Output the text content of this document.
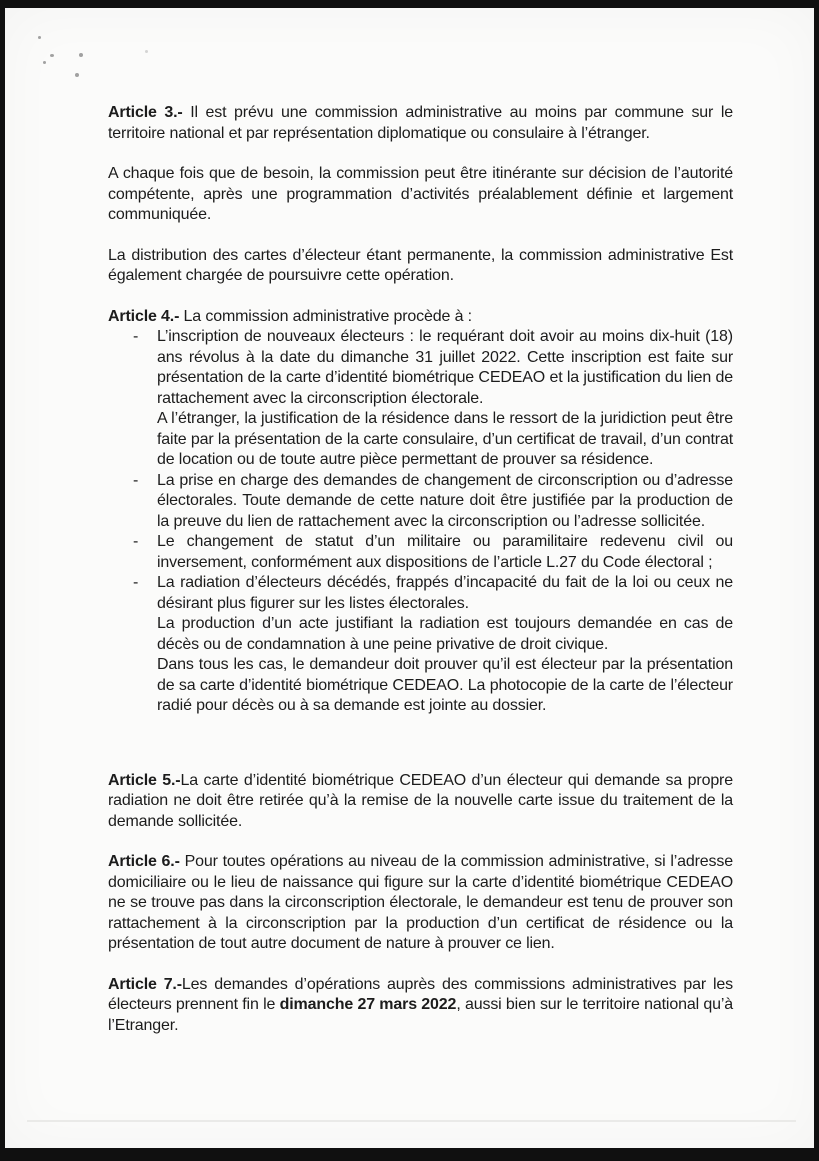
Article 3.- Il est prévu une commission administrative au moins par commune sur le territoire national et par représentation diplomatique ou consulaire à l’étranger.

A chaque fois que de besoin, la commission peut être itinérante sur décision de l’autorité compétente, après une programmation d’activités préalablement définie et largement communiquée.

La distribution des cartes d’électeur étant permanente, la commission administrative Est également chargée de poursuivre cette opération.

Article 4.- La commission administrative procède à :

- L’inscription de nouveaux électeurs : le requérant doit avoir au moins dix-huit (18) ans révolus à la date du dimanche 31 juillet 2022. Cette inscription est faite sur présentation de la carte d’identité biométrique CEDEAO et la justification du lien de rattachement avec la circonscription électorale.
A l’étranger, la justification de la résidence dans le ressort de la juridiction peut être faite par la présentation de la carte consulaire, d’un certificat de travail, d’un contrat de location ou de toute autre pièce permettant de prouver sa résidence.
- La prise en charge des demandes de changement de circonscription ou d’adresse électorales. Toute demande de cette nature doit être justifiée par la production de la preuve du lien de rattachement avec la circonscription ou l’adresse sollicitée.
- Le changement de statut d’un militaire ou paramilitaire redevenu civil ou inversement, conformément aux dispositions de l’article L.27 du Code électoral ;
- La radiation d’électeurs décédés, frappés d’incapacité du fait de la loi ou ceux ne désirant plus figurer sur les listes électorales.
La production d’un acte justifiant la radiation est toujours demandée en cas de décès ou de condamnation à une peine privative de droit civique.
Dans tous les cas, le demandeur doit prouver qu’il est électeur par la présentation de sa carte d’identité biométrique CEDEAO. La photocopie de la carte de l’électeur radié pour décès ou à sa demande est jointe au dossier.

Article 5.-La carte d’identité biométrique CEDEAO d’un électeur qui demande sa propre radiation ne doit être retirée qu’à la remise de la nouvelle carte issue du traitement de la demande sollicitée.

Article 6.- Pour toutes opérations au niveau de la commission administrative, si l’adresse domiciliaire ou le lieu de naissance qui figure sur la carte d’identité biométrique CEDEAO ne se trouve pas dans la circonscription électorale, le demandeur est tenu de prouver son rattachement à la circonscription par la production d’un certificat de résidence ou la présentation de tout autre document de nature à prouver ce lien.

Article 7.-Les demandes d’opérations auprès des commissions administratives par les électeurs prennent fin le dimanche 27 mars 2022, aussi bien sur le territoire national qu’à l’Etranger.
